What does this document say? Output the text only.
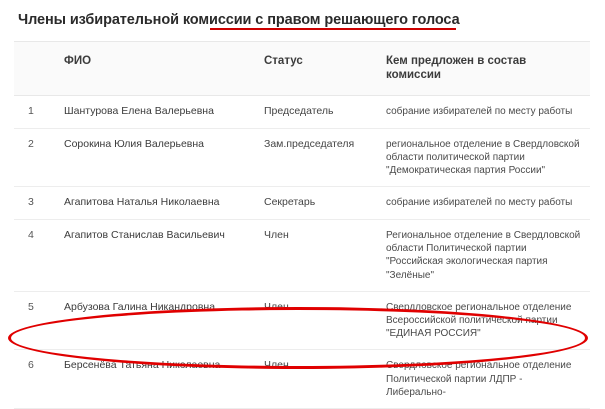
Члены избирательной комиссии с правом решающего голоса
	ФИО	Статус	Кем предложен в состав комиссии
1	Шантурова Елена Валерьевна	Председатель	собрание избирателей по месту работы
2	Сорокина Юлия Валерьевна	Зам.председателя	региональное отделение в Свердловской области политической партии "Демократическая партия России"
3	Агапитова Наталья Николаевна	Секретарь	собрание избирателей по месту работы
4	Агапитов Станислав Васильевич	Член	Региональное отделение в Свердловской области Политической партии "Российская экологическая партия "Зелёные"
5	Арбузова Галина Никандровна	Член	Свердловское региональное отделение Всероссийской политической партии "ЕДИНАЯ РОССИЯ"
6	Берсенёва Татьяна Николаевна	Член	Свердловское региональное отделение Политической партии ЛДПР - Либерально-
